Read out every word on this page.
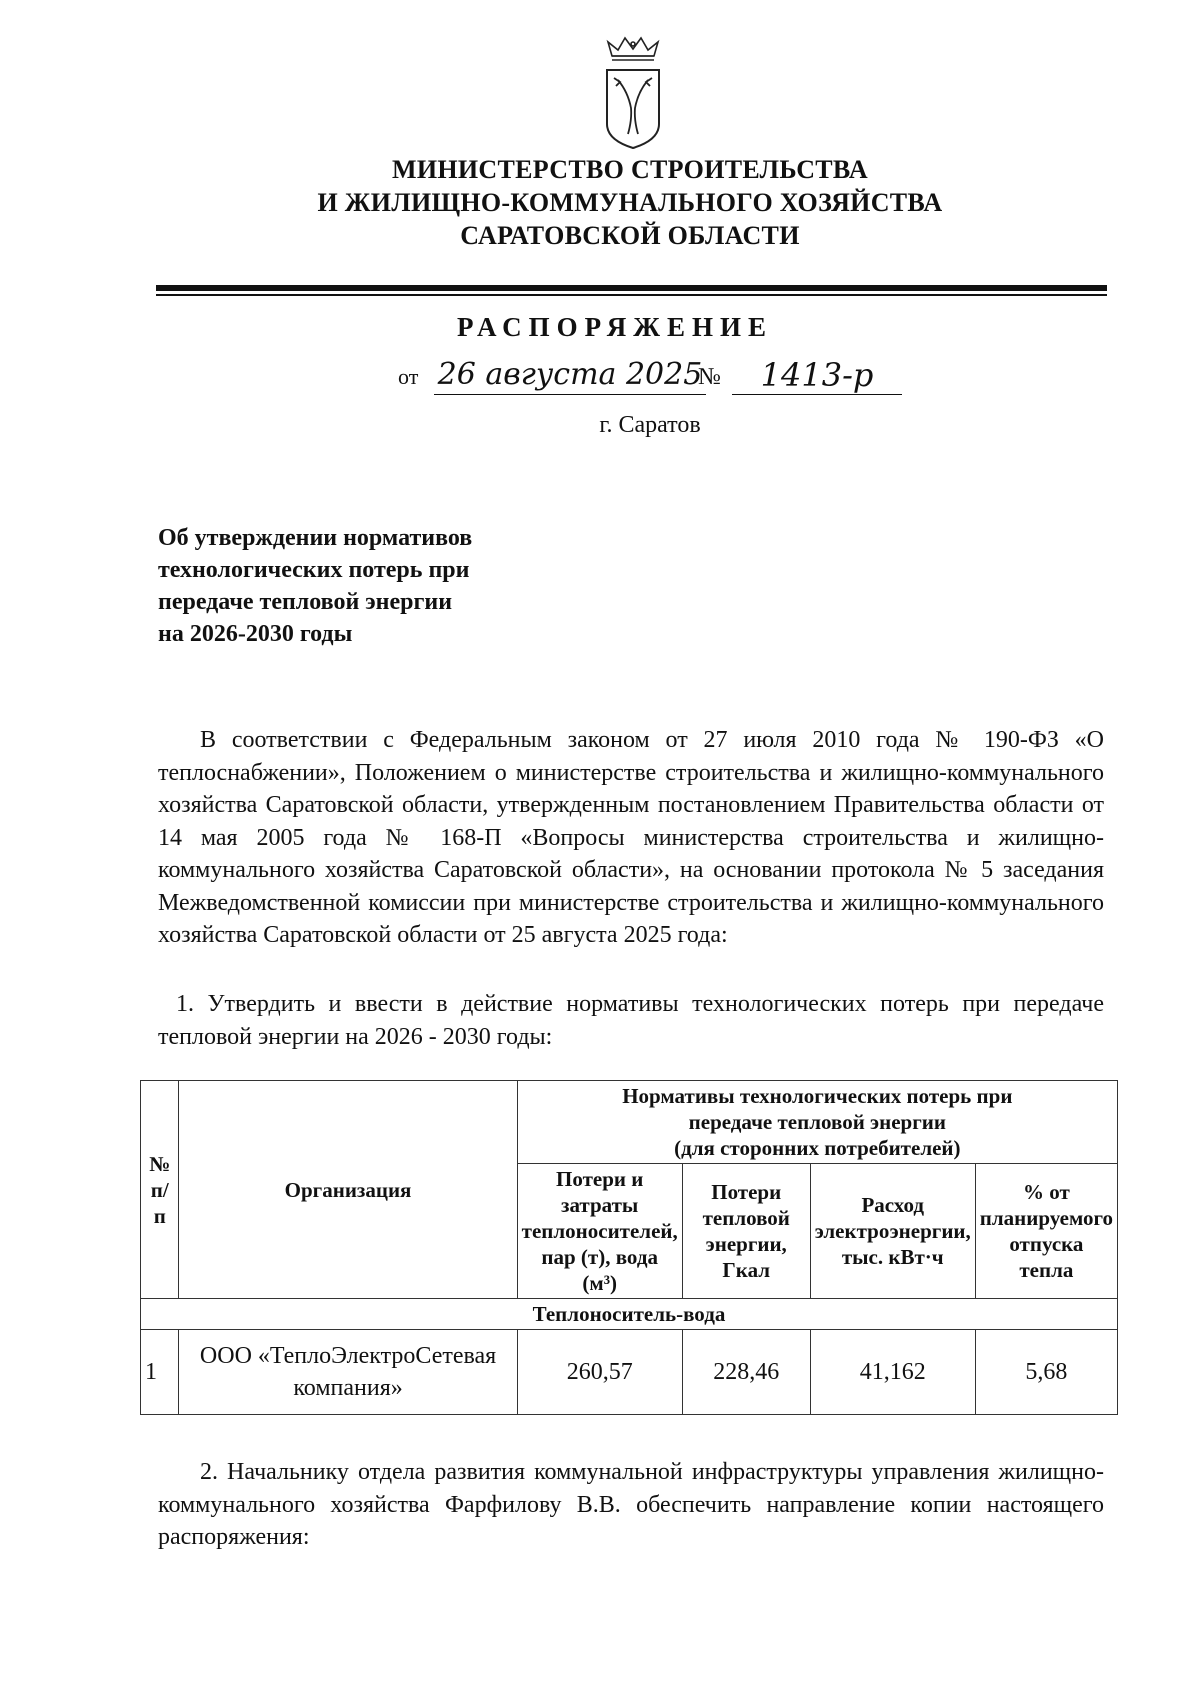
МИНИСТЕРСТВО СТРОИТЕЛЬСТВА
И ЖИЛИЩНО-КОММУНАЛЬНОГО ХОЗЯЙСТВА
САРАТОВСКОЙ ОБЛАСТИ
РАСПОРЯЖЕНИЕ
от 26 августа 2025
№	1413-р
г. Саратов
Об утверждении нормативов
технологических потерь при
передаче тепловой энергии
на 2026-2030 годы
В соответствии с Федеральным законом от 27 июля 2010 года № 190-ФЗ «О теплоснабжении», Положением о министерстве строительства и жилищно-коммунального хозяйства Саратовской области, утвержденным постановлением Правительства области от 14 мая 2005 года № 168-П «Вопросы министерства строительства и жилищно-коммунального хозяйства Саратовской области», на основании протокола № 5 заседания Межведомственной комиссии при министерстве строительства и жилищно-коммунального хозяйства Саратовской области от 25 августа 2025 года:
1. Утвердить и ввести в действие нормативы технологических потерь при передаче тепловой энергии на 2026 - 2030 годы:
№ п/п	Организация	Нормативы технологических потерь при
передаче тепловой энергии
(для сторонних потребителей)			

		Потери и затраты теплоносителей, пар (т), вода (м³)	Потери тепловой энергии, Гкал	Расход электроэнергии, тыс. кВт·ч	% от планируемого отпуска тепла
Теплоноситель-вода					
1	ООО «ТеплоЭлектроСетевая компания»	260,57	228,46	41,162	5,68
2. Начальнику отдела развития коммунальной инфраструктуры управления жилищно-коммунального хозяйства Фарфилову В.В. обеспечить направление копии настоящего распоряжения:
